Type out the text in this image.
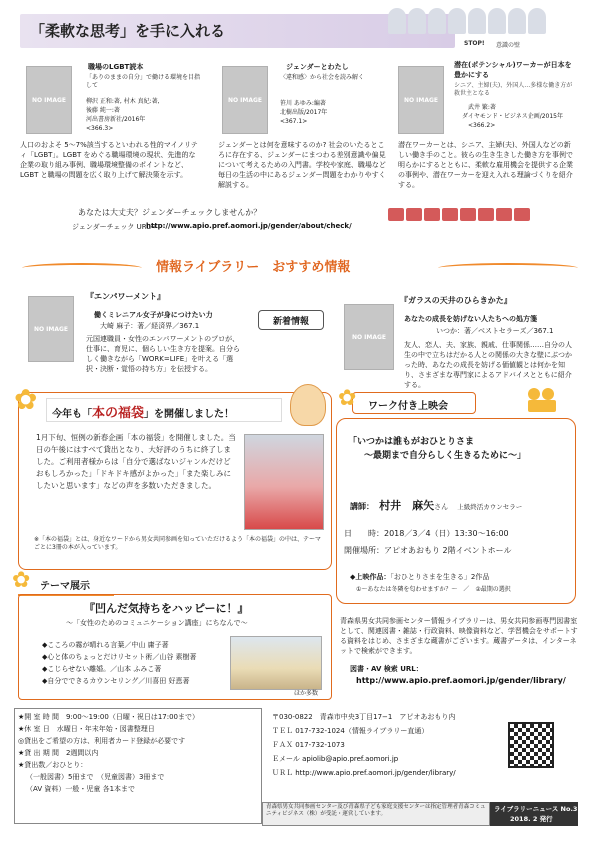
「柔軟な思考」を手に入れる
STOP! 意識の壁
NO IMAGE
職場のLGBT読本
「ありのままの自分」で働ける環境を目指して
柳沢 正和:著, 村木 真紀:著,
後藤 純一:著
河出書房新社/2016年
<366.3>
人口のおよそ 5〜7%該当するといわれる性的マイノリティ「LGBT」。LGBT をめぐる職場環境の現状、先進的な企業の取り組み事例、職場環境整備のポイントなど、LGBT と職場の問題を広く取り上げて解決策を示す。
NO IMAGE
ジェンダーとわたし
〈違和感〉から社会を読み解く
笹川 あゆみ:編著
北樹出版/2017年
<367.1>
ジェンダーとは何を意味するのか? 社会のいたるところに存在する、ジェンダーにまつわる差別意識や偏見について考えるための入門書。学校や家庭、職場など毎日の生活の中にあるジェンダー問題をわかりやすく解説する。
NO IMAGE
潜在(ポテンシャル)ワーカーが日本を豊かにする
シニア、主婦(夫)、外国人…多様な働き方が救世主となる
武井 繁:著
ダイヤモンド・ビジネス企画/2015年
<366.2>
潜在ワーカーとは、シニア、主婦(夫)、外国人などの新しい働き手のこと。彼らの生き生きした働き方を事例で明らかにするとともに、柔軟な雇用機会を提供する企業の事例や、潜在ワーカーを迎え入れる理論づくりを紹介する。
あなたは大丈夫？ジェンダーチェックしませんか？
ジェンダーチェック URL⇒
http://www.apio.pref.aomori.jp/gender/about/check/
情報ライブラリー　おすすめ情報
NO IMAGE
『エンパワーメント』
働くミレニアル女子が身につけたい力
大崎 麻子：著／経済界／367.1
元国連職員・女性のエンパワーメントのプロが、仕事に、育児に、個らしい生き方を提案。自分らしく働きながら「WORK=LIFE」を叶える「選択・決断・覚悟の持ち方」を伝授する。
新着情報
NO IMAGE
『ガラスの天井のひらきかた』
あなたの成長を妨げない人たちへの処方箋
いつか：著／ベストセラーズ／367.1
友人、恋人、夫、家族、親戚、仕事関係……自分の人生の中で立ちはだかる人との関係の大きな壁にぶつかった時、あなたの成長を妨げる価値観とは何かを知り、さまざまな専門家によるアドバイスとともに紹介する。
✿ 今年も「本の福袋」を開催しました！
1月下旬、恒例の新春企画「本の福袋」を開催しました。当日の午後にはすべて貸出となり、大好評のうちに終了しました。ご利用者様からは「自分で選ばないジャンルだけどおもしろかった」「ドキドキ感がよかった」「また楽しみにしたいと思います」などの声を多数いただきました。
※「本の福袋」とは、身近なワードから男女共同参画を知っていただけるよう「本の福袋」の中は、テーマごとに3冊の本が入っています。
✿ テーマ展示
『凹んだ気持ちをハッピーに！』
〜「女性のためのコミュニケーション講座」にちなんで〜
◆こころの霧が晴れる言葉／中山 庸子著
◆心と体のちょっとだけリセット術／山谷 素樹著
◆こじらせない離婚。／山本 ふみこ著
◆自分でできるカウンセリング／川喜田 好恵著
ほか多数
✿ ワーク付き上映会
「いつかは誰もがおひとりさま
〜最期まで自分らしく生きるために〜」
講師： 村井　麻矢さん 上級終活カウンセラー
日　　時：2018／3／4（日）13:30〜16:00
開催場所：アピオあおもり 2階イベントホール
◆上映作品：「おひとりさまを生きる」2作品
①〜あなたは冬隣を匂わせますか？〜　／　②最期の選択
青森県男女共同参画センター情報ライブラリーは、男女共同参画専門図書室として、関連図書・雑誌・行政資料、映像資料など、学習機会をサポートする資料をはじめ、さまざまな蔵書がございます。蔵書データは、インターネットで検索ができます。
図書・AV 検索 URL：
http://www.apio.pref.aomori.jp/gender/library/
★開 室 時 間　9:00〜19:00（日曜・祝日は17:00まで）
★休 室 日　水曜日・年末年始・図書整理日
◎貸出をご希望の方は、利用者カード登録が必要です
★貸 出 期 間　2週間以内
★貸出数／おひとり：
（一般図書）5冊まで　（児童図書）3冊まで
（AV 資料）一般・児童 各1本まで
〒030-0822　青森市中央3丁目17−1　アピオあおもり内
ＴＥＬ 017-732-1024（情報ライブラリー直通）
ＦＡＸ 017-732-1073
Ｅメール apiolib@apio.pref.aomori.jp
ＵＲＬ http://www.apio.pref.aomori.jp/gender/library/
青森県男女共同参画センター及び青森県子ども家庭支援センターは指定管理者青森コミュニティビジネス（株）が受託・運営しています。
ライブラリーニュース No.35
2018. 2 発行
